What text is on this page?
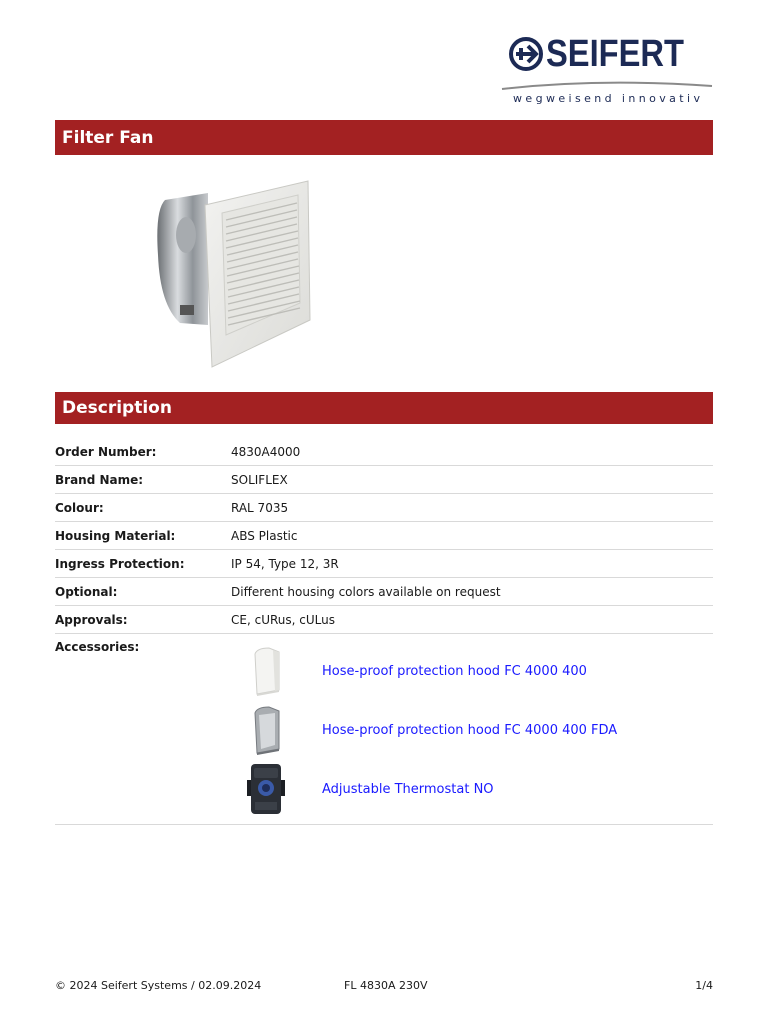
SEIFERT
wegweisend innovativ
Filter Fan
Description
Order Number:	4830A4000
Brand Name:	SOLIFLEX
Colour:	RAL 7035
Housing Material:	ABS Plastic
Ingress Protection:	IP 54, Type 12, 3R
Optional:	Different housing colors available on request
Approvals:	CE, cURus, cULus
Accessories:
Hose-proof protection hood FC 4000 400
Hose-proof protection hood FC 4000 400 FDA
Adjustable Thermostat NO
© 2024 Seifert Systems / 02.09.2024	FL 4830A 230V	1/4
